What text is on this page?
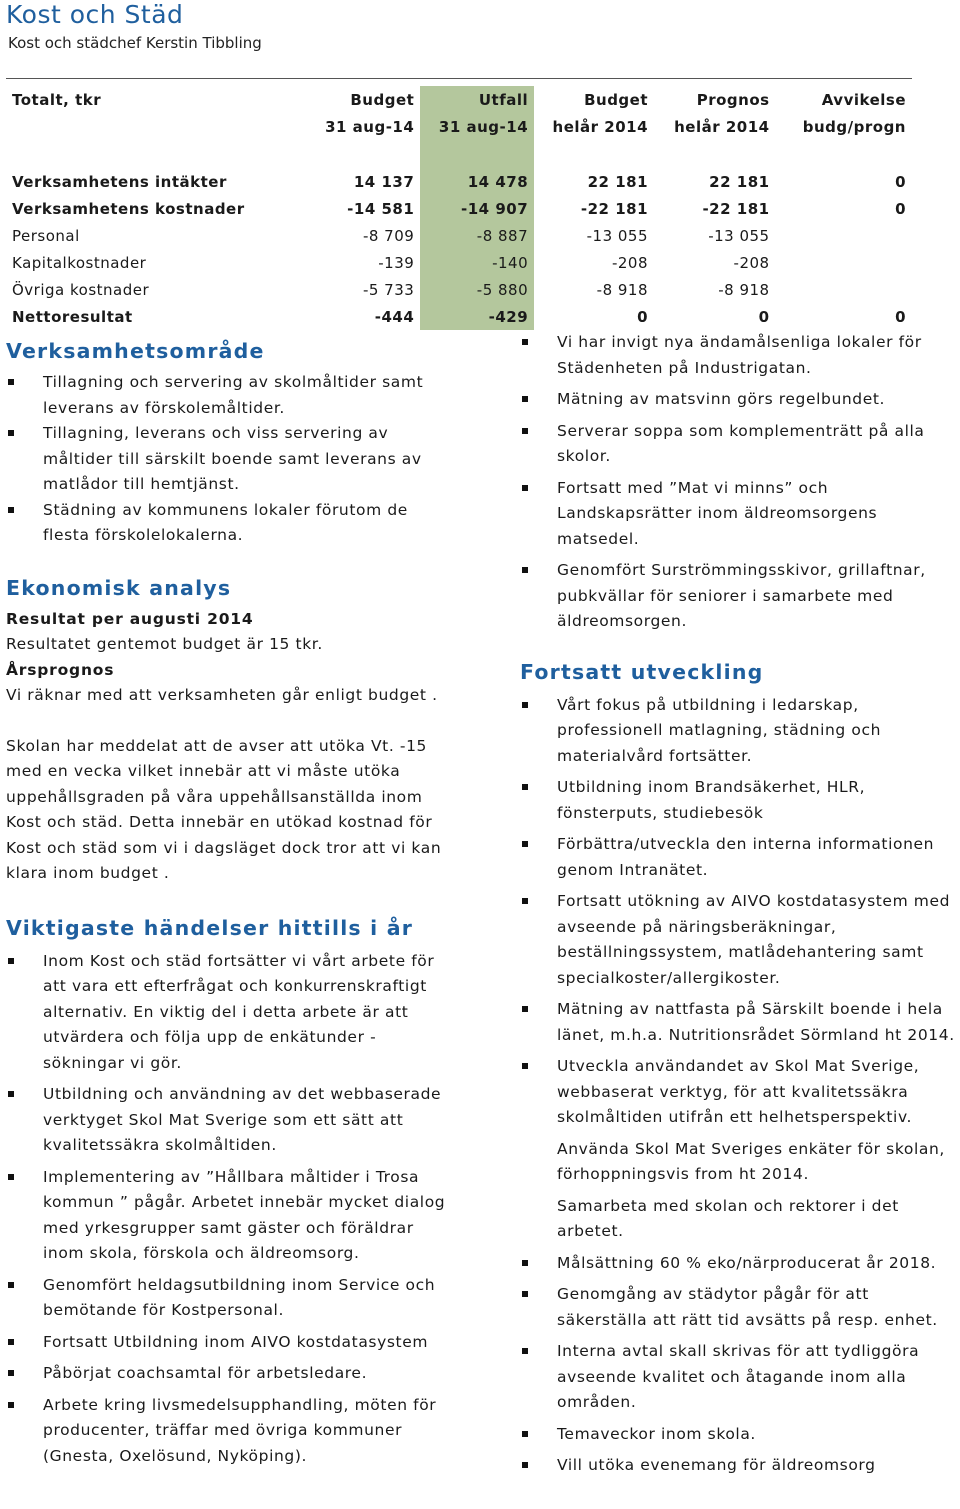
Kost och Städ
Kost och städchef Kerstin Tibbling
Totalt, tkr	Budget	Utfall	Budget	Prognos	Avvikelse
	31 aug-14	31 aug-14	helår 2014	helår 2014	budg/progn

Verksamhetens intäkter	14 137	14 478	22 181	22 181	0
Verksamhetens kostnader	-14 581	-14 907	-22 181	-22 181	0
Personal	-8 709	-8 887	-13 055	-13 055	
Kapitalkostnader	-139	-140	-208	-208	
Övriga kostnader	-5 733	-5 880	-8 918	-8 918	
Nettoresultat	-444	-429	0	0	0
Verksamhetsområde
Tillagning och servering av skolmåltider samt leverans av förskolemåltider.
Tillagning, leverans och viss servering av måltider till särskilt boende samt leverans av matlådor till hemtjänst.
Städning av kommunens lokaler förutom de flesta förskolelokalerna.
Ekonomisk analys
Resultat per augusti 2014

Resultatet gentemot budget är 15 tkr.

Årsprognos

Vi räknar med att verksamheten går enligt budget .

Skolan har meddelat att de avser att utöka Vt. -15 med en vecka vilket innebär att vi måste utöka uppehållsgraden på våra uppehållsanställda inom Kost och städ. Detta innebär en utökad kostnad för Kost och städ som vi i dagsläget dock tror att vi kan klara inom budget .

Viktigaste händelser hittills i år
Inom Kost och städ fortsätter vi vårt arbete för att vara ett efterfrågat och konkurrenskraftigt alternativ. En viktig del i detta arbete är att utvärdera och följa upp de enkätunder - sökningar vi gör.
Utbildning och användning av det webbaserade verktyget Skol Mat Sverige som ett sätt att kvalitetssäkra skolmåltiden.
Implementering av ”Hållbara måltider i Trosa kommun ” pågår. Arbetet innebär mycket dialog med yrkesgrupper samt gäster och föräldrar inom skola, förskola och äldreomsorg.
Genomfört heldagsutbildning inom Service och bemötande för Kostpersonal.
Fortsatt Utbildning inom AIVO kostdatasystem
Påbörjat coachsamtal för arbetsledare.
Arbete kring livsmedelsupphandling, möten för producenter, träffar med övriga kommuner (Gnesta, Oxelösund, Nyköping).
Vi har invigt nya ändamålsenliga lokaler för Städenheten på Industrigatan.
Mätning av matsvinn görs regelbundet.
Serverar soppa som komplementrätt på alla skolor.
Fortsatt med ”Mat vi minns” och Landskapsrätter inom äldreomsorgens matsedel.
Genomfört Surströmmingsskivor, grillaftnar, pubkvällar för seniorer i samarbete med äldreomsorgen.
Fortsatt utveckling
Vårt fokus på utbildning i ledarskap, professionell matlagning, städning och materialvård fortsätter.
Utbildning inom Brandsäkerhet, HLR, fönsterputs, studiebesök
Förbättra/utveckla den interna informationen genom Intranätet.
Fortsatt utökning av AIVO kostdatasystem med avseende på näringsberäkningar, beställningssystem, matlådehantering samt specialkoster/allergikoster.
Mätning av nattfasta på Särskilt boende i hela länet, m.h.a. Nutritionsrådet Sörmland ht 2014.
Utveckla användandet av Skol Mat Sverige, webbaserat verktyg, för att kvalitetssäkra skolmåltiden utifrån ett helhetsperspektiv.
Använda Skol Mat Sveriges enkäter för skolan, förhoppningsvis from ht 2014.
Samarbeta med skolan och rektorer i det arbetet.
Målsättning 60 % eko/närproducerat år 2018.
Genomgång av städytor pågår för att säkerställa att rätt tid avsätts på resp. enhet.
Interna avtal skall skrivas för att tydliggöra avseende kvalitet och åtagande inom alla områden.
Temaveckor inom skola.
Vill utöka evenemang för äldreomsorg
